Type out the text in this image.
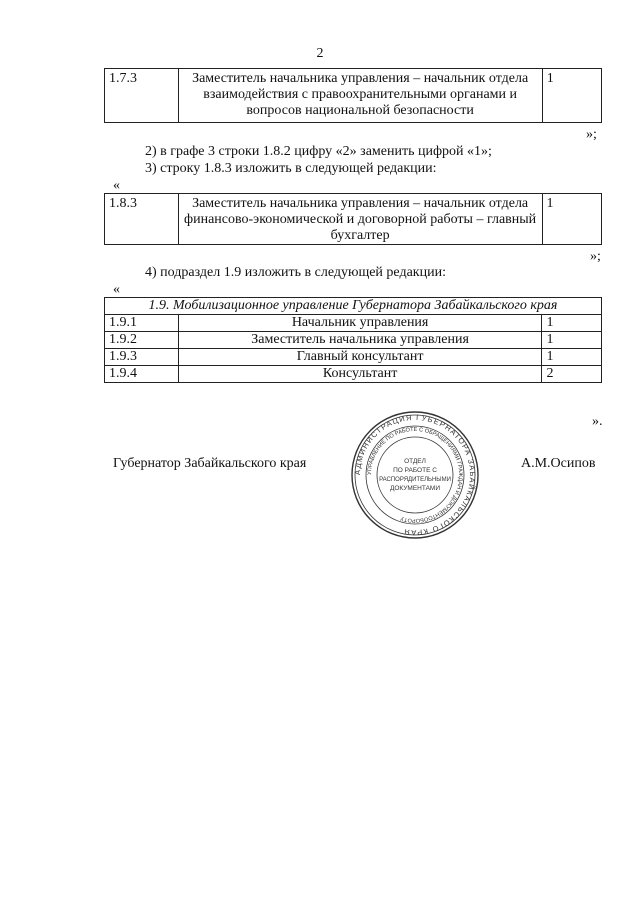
2
1.7.3	Заместитель начальника управления – начальник отдела взаимодействия с правоохранительными органами и вопросов национальной безопасности	1
»;
2) в графе 3 строки 1.8.2 цифру «2» заменить цифрой «1»;
3) строку 1.8.3 изложить в следующей редакции:
«
1.8.3	Заместитель начальника управления – начальник отдела финансово-экономической и договорной работы – главный бухгалтер	1
»;
4) подраздел 1.9 изложить в следующей редакции:
«
1.9. Мобилизационное управление Губернатора Забайкальского края		
1.9.1	Начальник управления	1
1.9.2	Заместитель начальника управления	1
1.9.3	Главный консультант	1
1.9.4	Консультант	2
».
Губернатор Забайкальского края	А.М.Осипов
АДМИНИСТРАЦИЯ ГУБЕРНАТОРА ЗАБАЙКАЛЬСКОГО КРАЯ
УПРАВЛЕНИЕ ПО РАБОТЕ С ОБРАЩЕНИЯМИ ГРАЖДАН И ДОКУМЕНТООБОРОТУ
ОТДЕЛ
ПО РАБОТЕ С
РАСПОРЯДИТЕЛЬНЫМИ
ДОКУМЕНТАМИ
